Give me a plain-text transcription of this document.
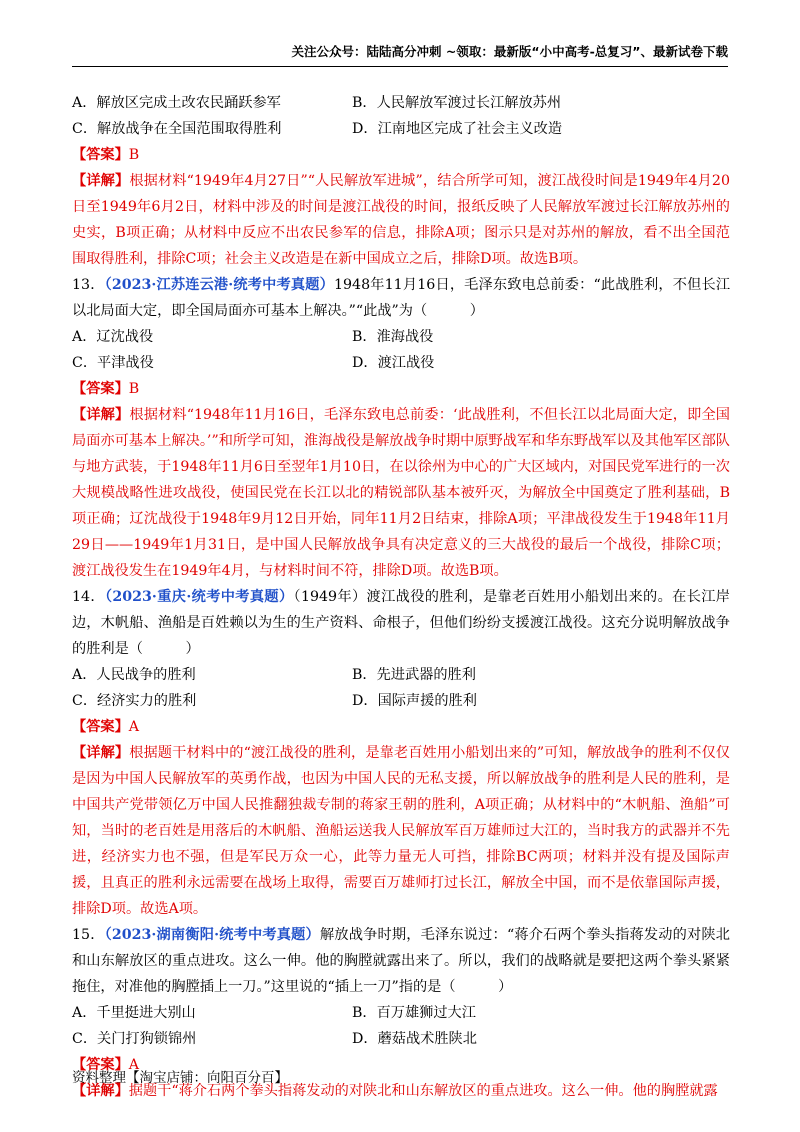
关注公众号：陆陆高分冲刺 ~领取：最新版“小中高考-总复习”、最新试卷下载
A．解放区完成土改农民踊跃参军	B．人民解放军渡过长江解放苏州
C．解放战争在全国范围取得胜利	D．江南地区完成了社会主义改造
【答案】B

【详解】根据材料“1949年4月27日”“人民解放军进城”，结合所学可知，渡江战役时间是1949年4月20日至1949年6月2日，材料中涉及的时间是渡江战役的时间，报纸反映了人民解放军渡过长江解放苏州的史实，B项正确；从材料中反应不出农民参军的信息，排除A项；图示只是对苏州的解放，看不出全国范围取得胜利，排除C项；社会主义改造是在新中国成立之后，排除D项。故选B项。

13．（2023·江苏连云港·统考中考真题）1948年11月16日，毛泽东致电总前委：“此战胜利，不但长江以北局面大定，即全国局面亦可基本上解决。”“此战”为（　　　）

A．辽沈战役	B．淮海战役
C．平津战役	D．渡江战役
【答案】B

【详解】根据材料“1948年11月16日，毛泽东致电总前委：‘此战胜利，不但长江以北局面大定，即全国局面亦可基本上解决。’”和所学可知，淮海战役是解放战争时期中原野战军和华东野战军以及其他军区部队与地方武装，于1948年11月6日至翌年1月10日，在以徐州为中心的广大区域内，对国民党军进行的一次大规模战略性进攻战役，使国民党在长江以北的精锐部队基本被歼灭，为解放全中国奠定了胜利基础，B项正确；辽沈战役于1948年9月12日开始，同年11月2日结束，排除A项；平津战役发生于1948年11月29日——1949年1月31日，是中国人民解放战争具有决定意义的三大战役的最后一个战役，排除C项；渡江战役发生在1949年4月，与材料时间不符，排除D项。故选B项。

14．（2023·重庆·统考中考真题）（1949年）渡江战役的胜利，是靠老百姓用小船划出来的。在长江岸边，木帆船、渔船是百姓赖以为生的生产资料、命根子，但他们纷纷支援渡江战役。这充分说明解放战争的胜利是（　　　）

A．人民战争的胜利	B．先进武器的胜利
C．经济实力的胜利	D．国际声援的胜利
【答案】A

【详解】根据题干材料中的“渡江战役的胜利，是靠老百姓用小船划出来的”可知，解放战争的胜利不仅仅是因为中国人民解放军的英勇作战，也因为中国人民的无私支援，所以解放战争的胜利是人民的胜利，是中国共产党带领亿万中国人民推翻独裁专制的蒋家王朝的胜利，A项正确；从材料中的“木帆船、渔船”可知，当时的老百姓是用落后的木帆船、渔船运送我人民解放军百万雄师过大江的，当时我方的武器并不先进，经济实力也不强，但是军民万众一心，此等力量无人可挡，排除BC两项；材料并没有提及国际声援，且真正的胜利永远需要在战场上取得，需要百万雄师打过长江，解放全中国，而不是依靠国际声援，排除D项。故选A项。

15．（2023·湖南衡阳·统考中考真题）解放战争时期，毛泽东说过：“蒋介石两个拳头指蒋发动的对陕北和山东解放区的重点进攻。这么一伸。他的胸膛就露出来了。所以，我们的战略就是要把这两个拳头紧紧拖住，对准他的胸膛插上一刀。”这里说的“插上一刀”指的是（　　　）

A．千里挺进大别山	B．百万雄狮过大江
C．关门打狗锁锦州	D．蘑菇战术胜陕北
【答案】A

【详解】据题干“蒋介石两个拳头指蒋发动的对陕北和山东解放区的重点进攻。这么一伸。他的胸膛就露

资料整理【淘宝店铺：向阳百分百】
